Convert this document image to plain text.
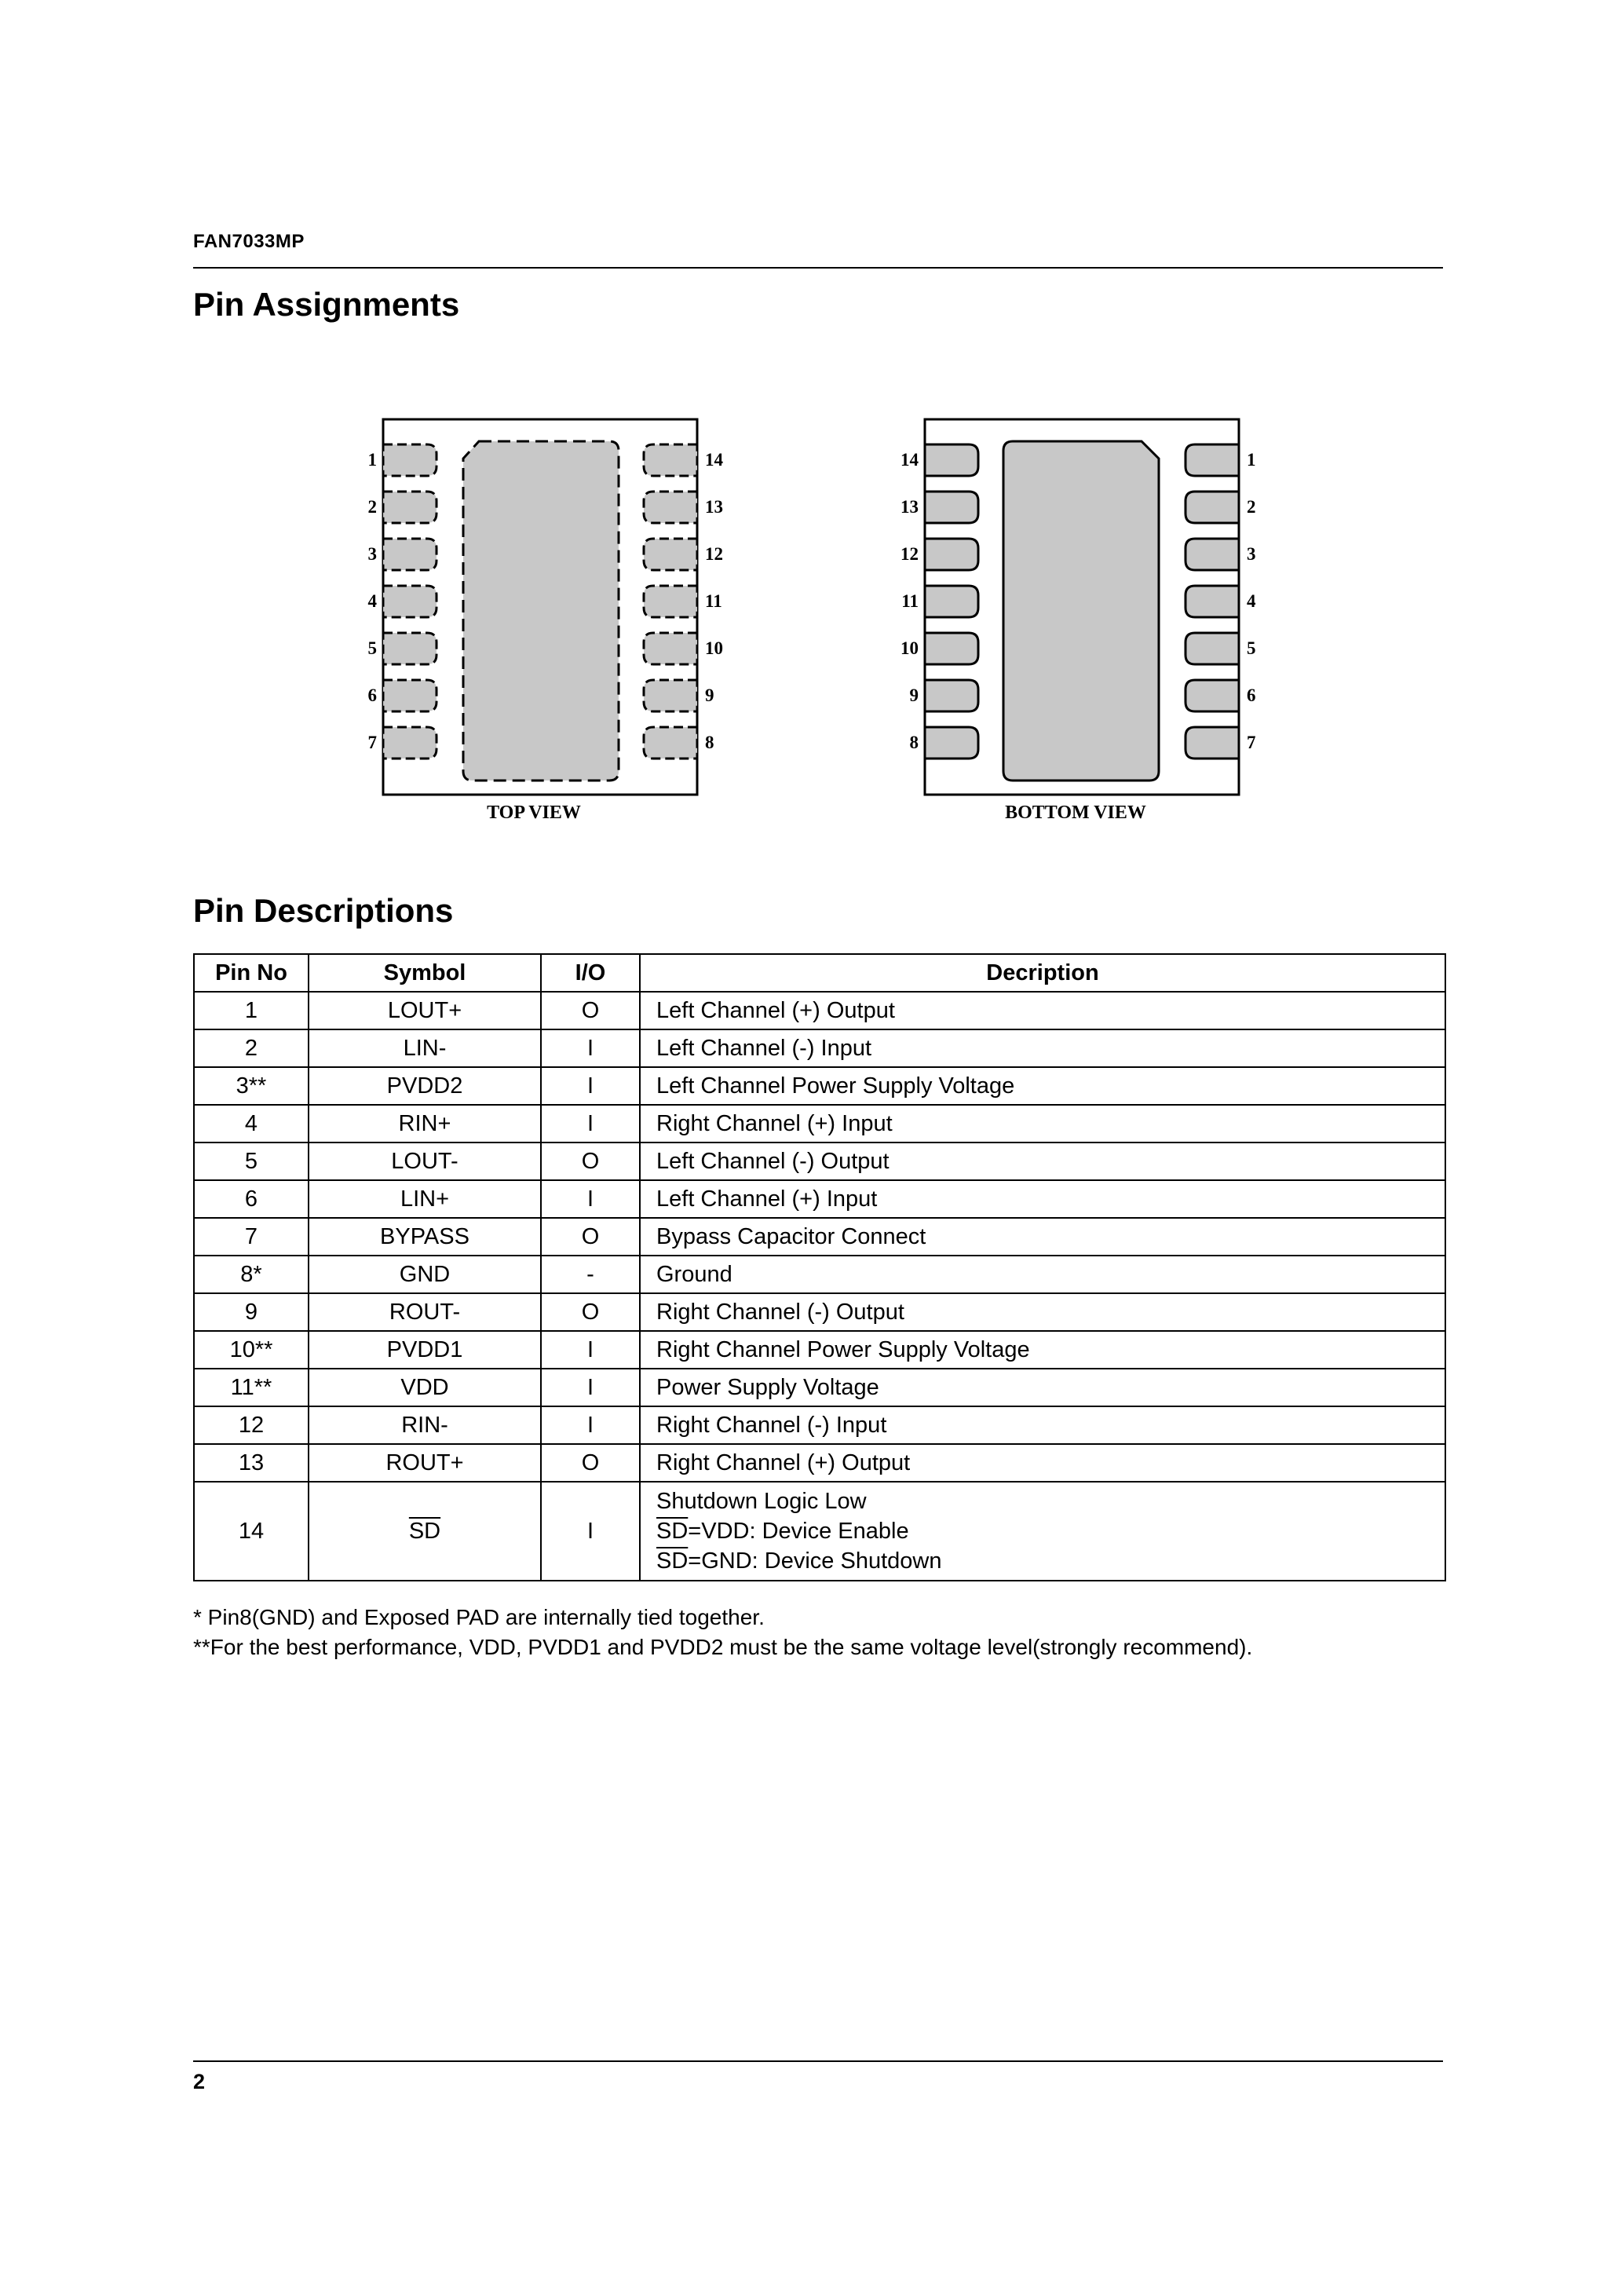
FAN7033MP
Pin Assignments
1
2
3
4
5
6
7
14
13
12
11
10
9
8
TOP VIEW
14
13
12
11
10
9
8
1
2
3
4
5
6
7
BOTTOM VIEW
Pin Descriptions
Pin No	Symbol	I/O	Decription
1	LOUT+	O	Left Channel (+) Output
2	LIN-	I	Left Channel (-) Input
3**	PVDD2	I	Left Channel Power Supply Voltage
4	RIN+	I	Right Channel (+) Input
5	LOUT-	O	Left Channel (-) Output
6	LIN+	I	Left Channel (+) Input
7	BYPASS	O	Bypass Capacitor Connect
8*	GND	-	Ground
9	ROUT-	O	Right Channel (-) Output
10**	PVDD1	I	Right Channel Power Supply Voltage
11**	VDD	I	Power Supply Voltage
12	RIN-	I	Right Channel (-) Input
13	ROUT+	O	Right Channel (+) Output
14	$\overline{SD}$	I	Shutdown Logic Low
$\overline{SD}=VDD$: Device Enable
$\overline{SD}=GND$: Device Shutdown
* Pin8(GND) and Exposed PAD are internally tied together.
**For the best performance, VDD, PVDD1 and PVDD2 must be the same voltage level(strongly recommend).
2
